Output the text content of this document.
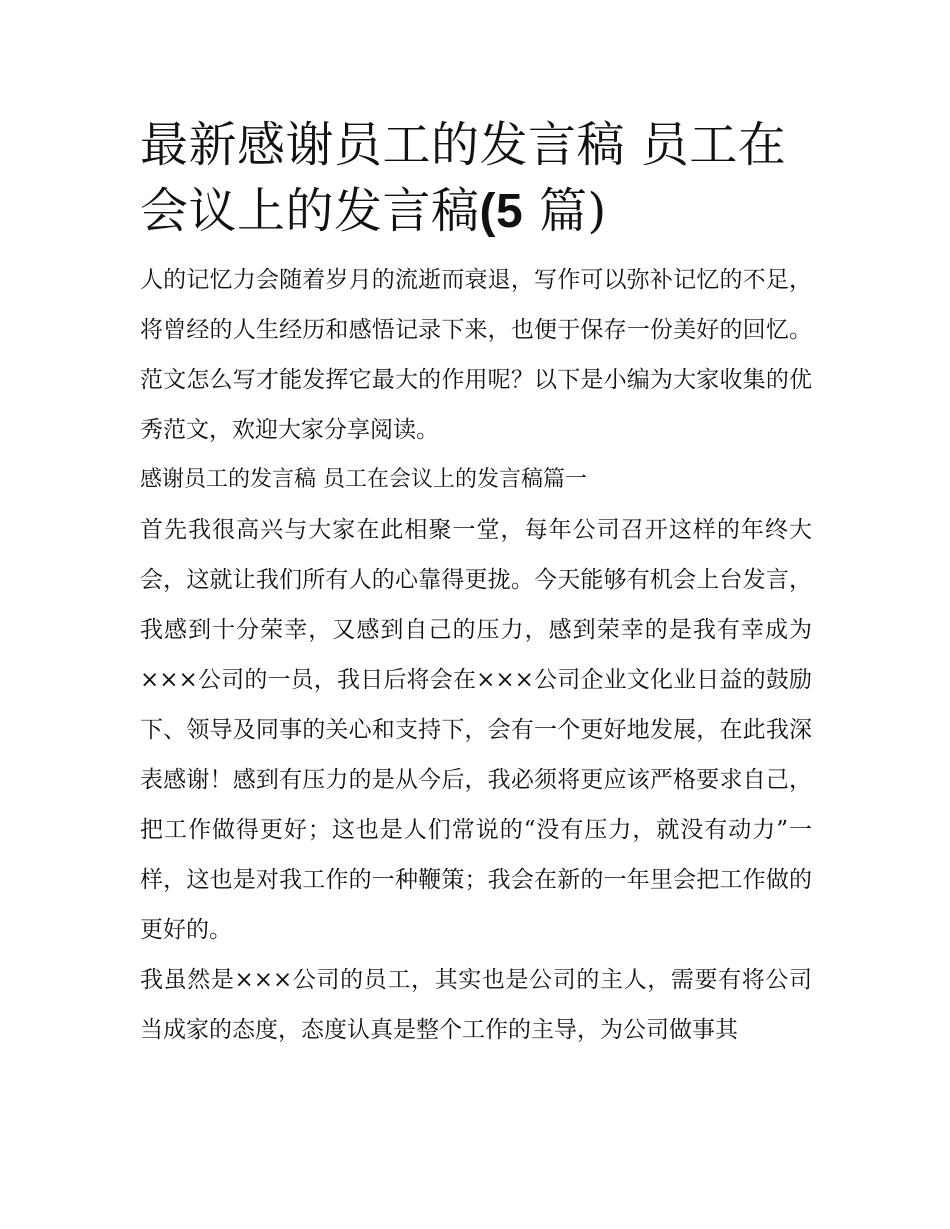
最新感谢员工的发言稿 员工在会议上的发言稿(5 篇)

人的记忆力会随着岁月的流逝而衰退，写作可以弥补记忆的不足，将曾经的人生经历和感悟记录下来，也便于保存一份美好的回忆。范文怎么写才能发挥它最大的作用呢？以下是小编为大家收集的优秀范文，欢迎大家分享阅读。

感谢员工的发言稿 员工在会议上的发言稿篇一

首先我很高兴与大家在此相聚一堂，每年公司召开这样的年终大会，这就让我们所有人的心靠得更拢。今天能够有机会上台发言，我感到十分荣幸，又感到自己的压力，感到荣幸的是我有幸成为×××公司的一员，我日后将会在×××公司企业文化业日益的鼓励下、领导及同事的关心和支持下，会有一个更好地发展，在此我深表感谢！感到有压力的是从今后，我必须将更应该严格要求自己，把工作做得更好；这也是人们常说的“没有压力，就没有动力”一样，这也是对我工作的一种鞭策；我会在新的一年里会把工作做的更好的。

我虽然是×××公司的员工，其实也是公司的主人，需要有将公司当成家的态度，态度认真是整个工作的主导，为公司做事其
